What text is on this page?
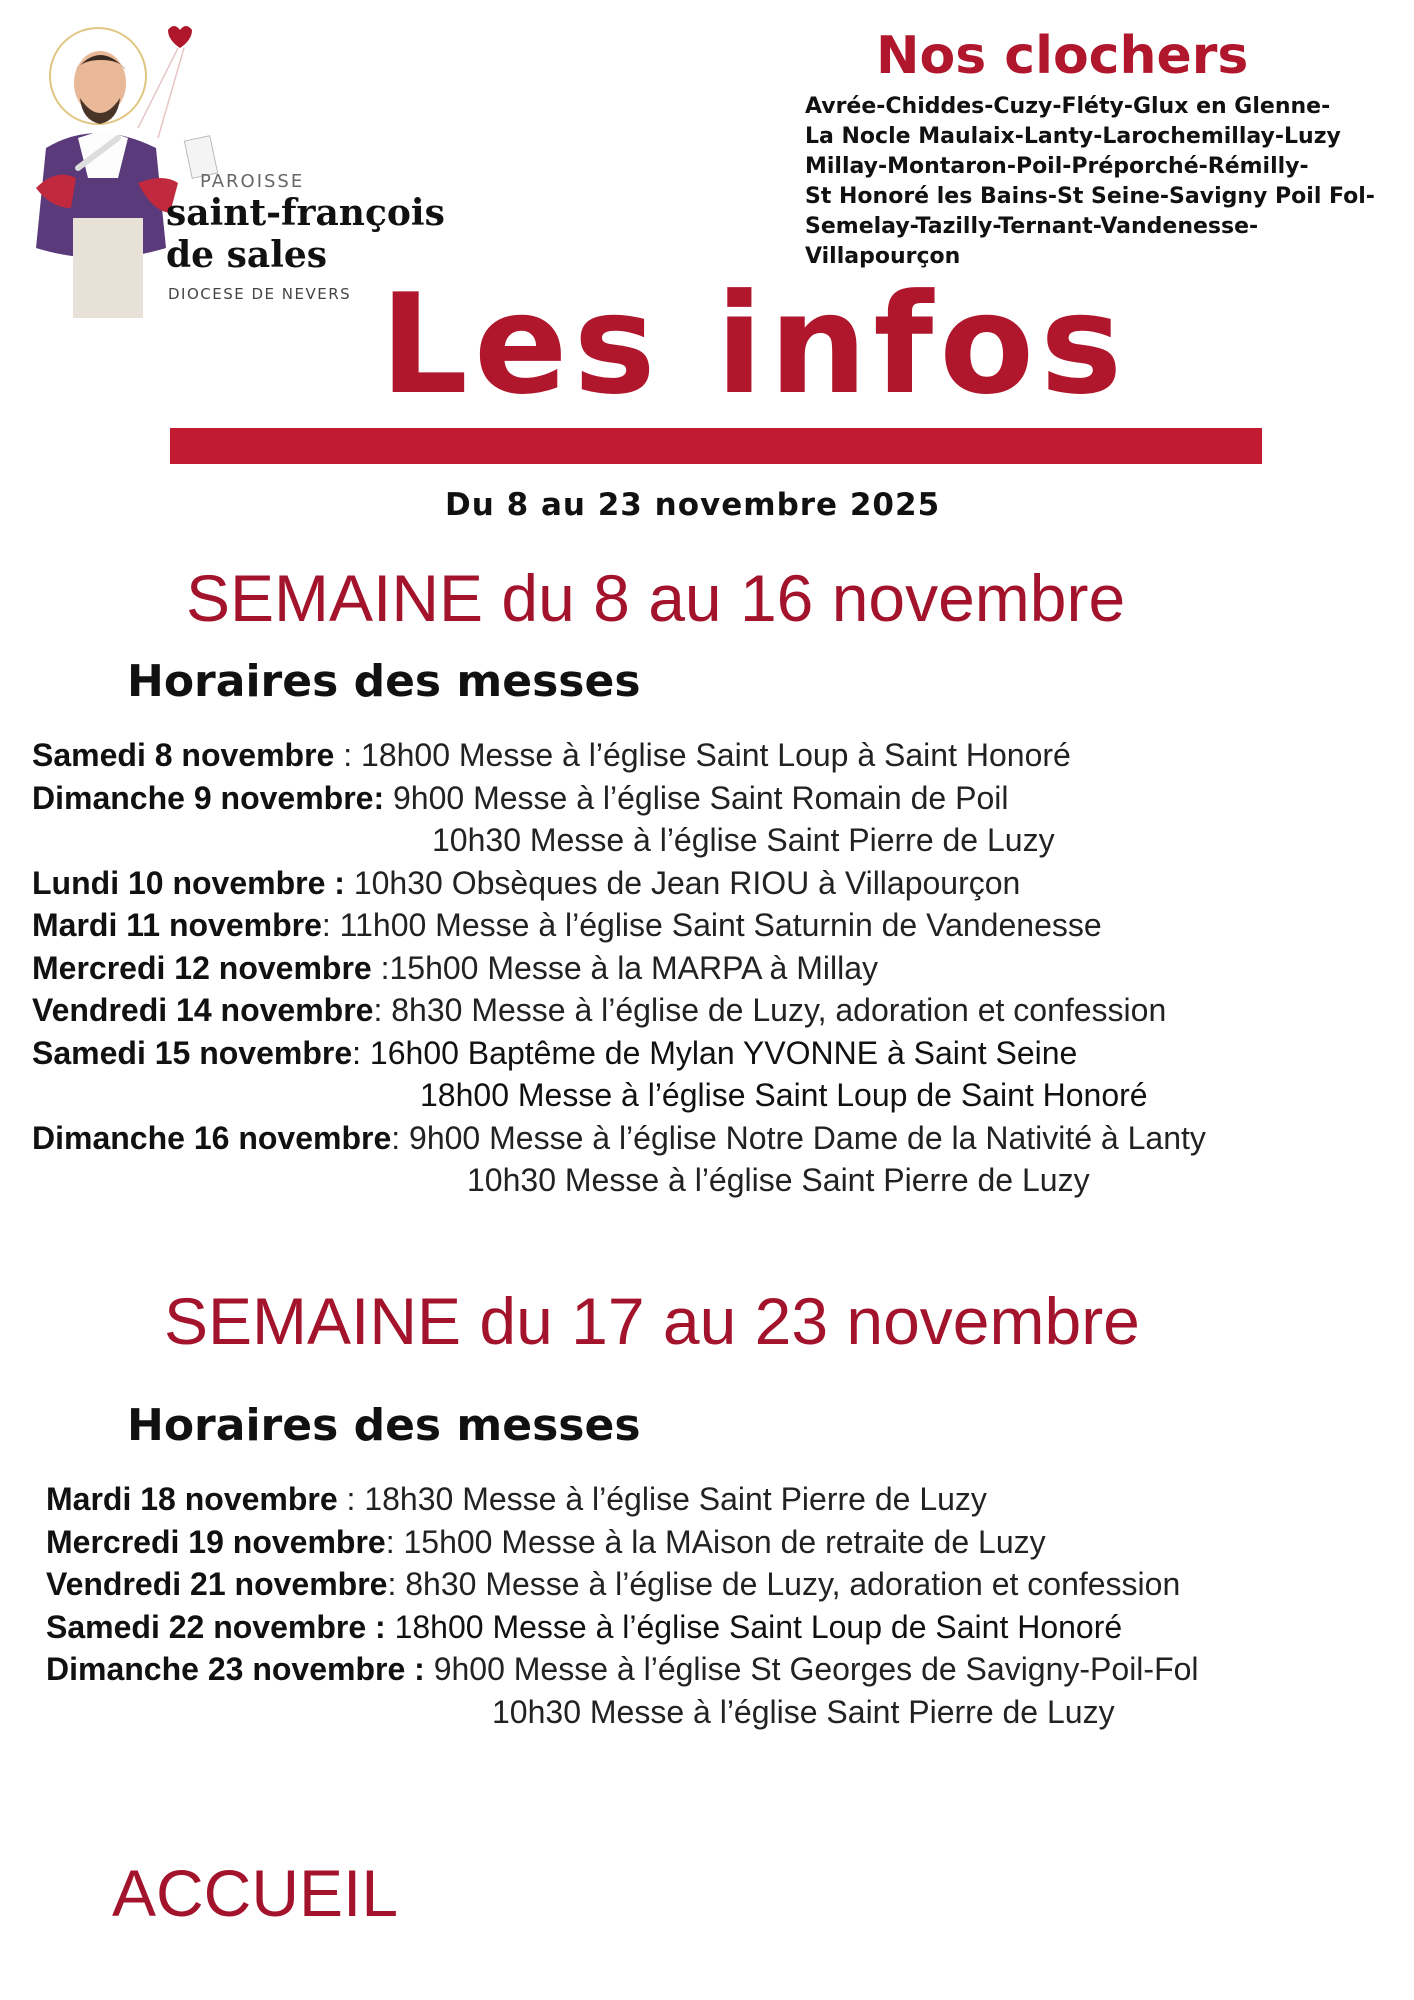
PAROISSE
saint-françois
de sales
DIOCESE DE NEVERS
Nos clochers
Avrée-Chiddes-Cuzy-Fléty-Glux en Glenne-
La Nocle Maulaix-Lanty-Larochemillay-Luzy
Millay-Montaron-Poil-Préporché-Rémilly-
St Honoré les Bains-St Seine-Savigny Poil Fol-
Semelay-Tazilly-Ternant-Vandenesse-
Villapourçon
Les infos
Du 8 au 23 novembre 2025
SEMAINE du 8 au 16 novembre
Horaires des messes
Samedi 8 novembre : 18h00 Messe à l’église Saint Loup à Saint Honoré
Dimanche 9 novembre: 9h00 Messe à l’église Saint Romain de Poil
10h30 Messe à l’église Saint Pierre de Luzy
Lundi 10 novembre : 10h30 Obsèques de Jean RIOU à Villapourçon
Mardi 11 novembre: 11h00 Messe à l’église Saint Saturnin de Vandenesse
Mercredi 12 novembre :15h00 Messe à la MARPA à Millay
Vendredi 14 novembre: 8h30 Messe à l’église de Luzy, adoration et confession
Samedi 15 novembre: 16h00 Baptême de Mylan YVONNE à Saint Seine
18h00 Messe à l’église Saint Loup de Saint Honoré
Dimanche 16 novembre: 9h00 Messe à l’église Notre Dame de la Nativité à Lanty
10h30 Messe à l’église Saint Pierre de Luzy
SEMAINE du 17 au 23 novembre
Horaires des messes
Mardi 18 novembre : 18h30 Messe à l’église Saint Pierre de Luzy
Mercredi 19 novembre: 15h00 Messe à la MAison de retraite de Luzy
Vendredi 21 novembre: 8h30 Messe à l’église de Luzy, adoration et confession
Samedi 22 novembre : 18h00 Messe à l’église Saint Loup de Saint Honoré
Dimanche 23 novembre : 9h00 Messe à l’église St Georges de Savigny-Poil-Fol
10h30 Messe à l’église Saint Pierre de Luzy
ACCUEIL
